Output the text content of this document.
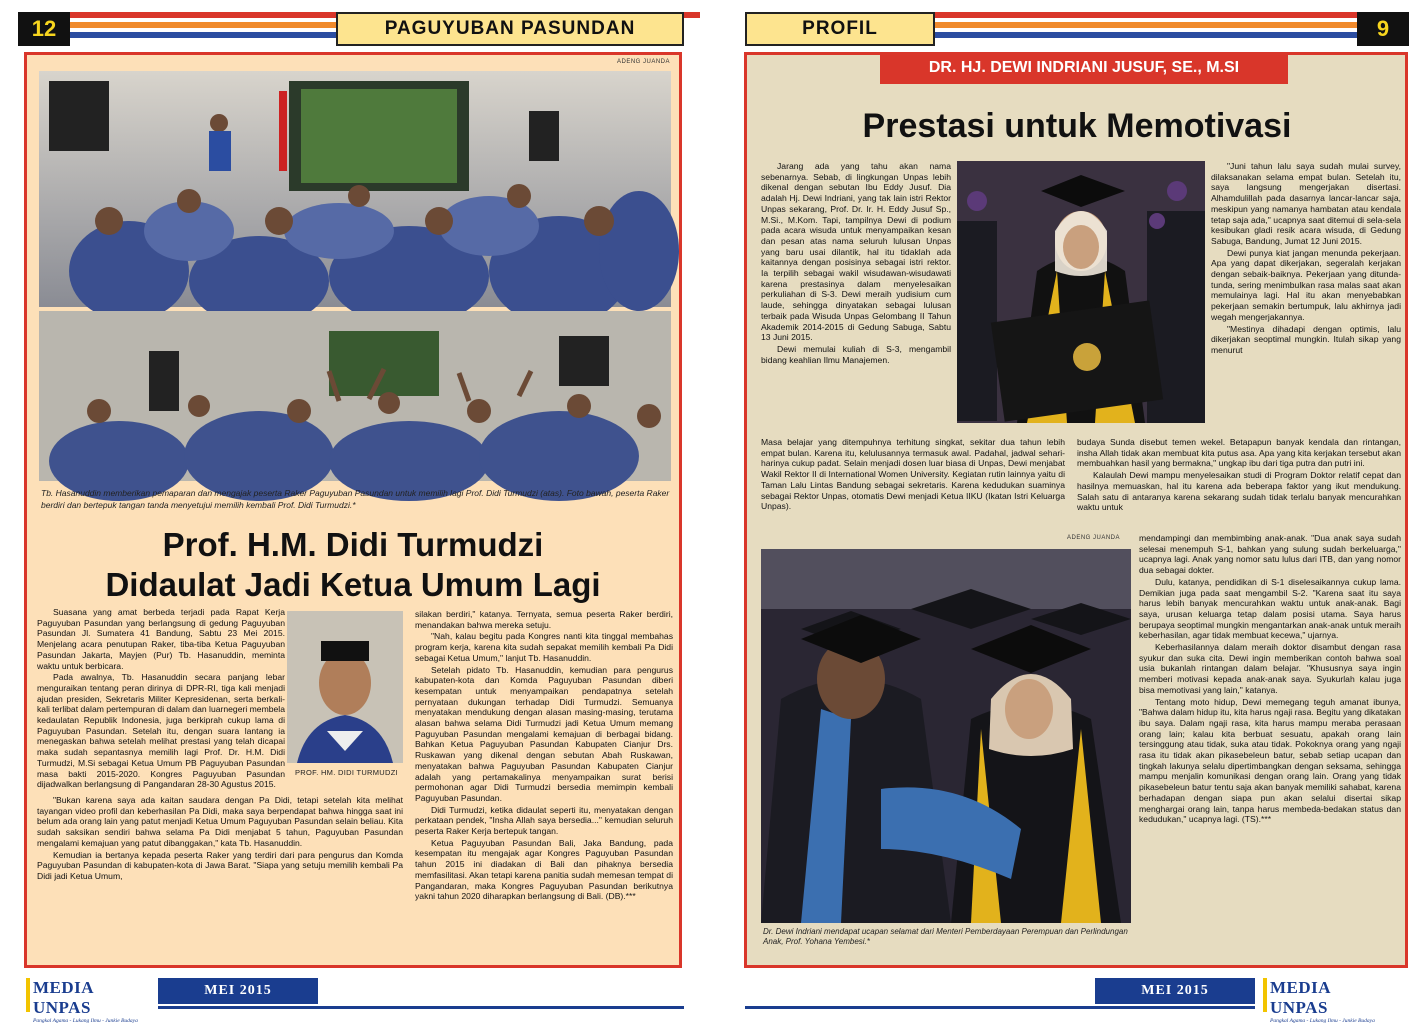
12	PAGUYUBAN PASUNDAN
ADENG JUANDA
Tb. Hasanuddin memberikan pemaparan dan mengajak peserta Raker Paguyuban Pasundan untuk memilih lagi Prof. Didi Turmudzi (atas). Foto bawah, peserta Raker berdiri dan bertepuk tangan tanda menyetujui memilih kembali Prof. Didi Turmudzi.*
Prof. H.M. Didi Turmudzi
Didaulat Jadi Ketua Umum Lagi

Suasana yang amat berbeda terjadi pada Rapat Kerja Paguyuban Pasundan yang berlangsung di gedung Paguyuban Pasundan Jl. Sumatera 41 Bandung, Sabtu 23 Mei 2015. Menjelang acara penutupan Raker, tiba-tiba Ketua Paguyuban Pasundan Jakarta, Mayjen (Pur) Tb. Hasanuddin, meminta waktu untuk berbicara.

Pada awalnya, Tb. Hasanuddin secara panjang lebar menguraikan tentang peran dirinya di DPR-RI, tiga kali menjadi ajudan presiden, Sekretaris Militer Kepresidenan, serta berkali-kali terlibat dalam pertempuran di dalam dan luarnegeri membela kedaulatan Republik Indonesia, juga berkiprah cukup lama di Paguyuban Pasundan. Setelah itu, dengan suara lantang ia menegaskan bahwa setelah melihat prestasi yang telah dicapai maka sudah sepantasnya memilih lagi Prof. Dr. H.M. Didi Turmudzi, M.Si sebagai Ketua Umum PB Paguyuban Pasundan masa bakti 2015-2020. Kongres Paguyuban Pasundan dijadwalkan berlangsung di Pangandaran 28-30 Agustus 2015.

PROF. HM. DIDI TURMUDZI

"Bukan karena saya ada kaitan saudara dengan Pa Didi, tetapi setelah kita melihat tayangan video profil dan keberhasilan Pa Didi, maka saya berpendapat bahwa hingga saat ini belum ada orang lain yang patut menjadi Ketua Umum Paguyuban Pasundan selain beliau. Kita sudah saksikan sendiri bahwa selama Pa Didi menjabat 5 tahun, Paguyuban Pasundan mengalami kemajuan yang patut dibanggakan," kata Tb. Hasanuddin.

Kemudian ia bertanya kepada peserta Raker yang terdiri dari para pengurus dan Komda Paguyuban Pasundan di kabupaten-kota di Jawa Barat. "Siapa yang setuju memilih kembali Pa Didi jadi Ketua Umum,

silakan berdiri," katanya. Ternyata, semua peserta Raker berdiri, menandakan bahwa mereka setuju.

"Nah, kalau begitu pada Kongres nanti kita tinggal membahas program kerja, karena kita sudah sepakat memilih kembali Pa Didi sebagai Ketua Umum," lanjut Tb. Hasanuddin.

Setelah pidato Tb. Hasanuddin, kemudian para pengurus kabupaten-kota dan Komda Paguyuban Pasundan diberi kesempatan untuk menyampaikan pendapatnya setelah pernyataan dukungan terhadap Didi Turmudzi. Semuanya menyatakan mendukung dengan alasan masing-masing, terutama alasan bahwa selama Didi Turmudzi jadi Ketua Umum memang Paguyuban Pasundan mengalami kemajuan di berbagai bidang. Bahkan Ketua Paguyuban Pasundan Kabupaten Cianjur Drs. Ruskawan yang dikenal dengan sebutan Abah Ruskawan, menyatakan bahwa Paguyuban Pasundan Kabupaten Cianjur adalah yang pertamakalinya menyampaikan surat berisi permohonan agar Didi Turmudzi bersedia memimpin kembali Paguyuban Pasundan.

Didi Turmudzi, ketika didaulat seperti itu, menyatakan dengan perkataan pendek, "Insha Allah saya bersedia..." kemudian seluruh peserta Raker Kerja bertepuk tangan.

Ketua Paguyuban Pasundan Bali, Jaka Bandung, pada kesempatan itu mengajak agar Kongres Paguyuban Pasundan tahun 2015 ini diadakan di Bali dan pihaknya bersedia memfasilitasi. Akan tetapi karena panitia sudah memesan tempat di Pangandaran, maka Kongres Paguyuban Pasundan berikutnya yakni tahun 2020 diharapkan berlangsung di Bali. (DB).***

MEDIA UNPAS
Pangkal Agama - Lukang Ilmu - Junkie Budaya
MEI 2015
PROFIL	9
Prestasi untuk Memotivasi

Jarang ada yang tahu akan nama sebenarnya. Sebab, di lingkungan Unpas lebih dikenal dengan sebutan Ibu Eddy Jusuf. Dia adalah Hj. Dewi Indriani, yang tak lain istri Rektor Unpas sekarang, Prof. Dr. Ir. H. Eddy Jusuf Sp., M.Si., M.Kom. Tapi, tampilnya Dewi di podium pada acara wisuda untuk menyampaikan kesan dan pesan atas nama seluruh lulusan Unpas yang baru usai dilantik, hal itu tidaklah ada kaitannya dengan posisinya sebagai istri rektor. Ia terpilih sebagai wakil wisudawan-wisudawati karena prestasinya dalam menyelesaikan perkuliahan di S-3. Dewi meraih yudisium cum laude, sehingga dinyatakan sebagai lulusan terbaik pada Wisuda Unpas Gelombang II Tahun Akademik 2014-2015 di Gedung Sabuga, Sabtu 13 Juni 2015.

Dewi memulai kuliah di S-3, mengambil bidang keahlian Ilmu Manajemen.

"Juni tahun lalu saya sudah mulai survey, dilaksanakan selama empat bulan. Setelah itu, saya langsung mengerjakan disertasi. Alhamdulillah pada dasarnya lancar-lancar saja, meskipun yang namanya hambatan atau kendala tetap saja ada," ucapnya saat ditemui di sela-sela kesibukan gladi resik acara wisuda, di Gedung Sabuga, Bandung, Jumat 12 Juni 2015.

Dewi punya kiat jangan menunda pekerjaan. Apa yang dapat dikerjakan, segeralah kerjakan dengan sebaik-baiknya. Pekerjaan yang ditunda-tunda, sering menimbulkan rasa malas saat akan memulainya lagi. Hal itu akan menyebabkan pekerjaan semakin bertumpuk, lalu akhirnya jadi wegah mengerjakannya.

"Mestinya dihadapi dengan optimis, lalu dikerjakan seoptimal mungkin. Itulah sikap yang menurut

Masa belajar yang ditempuhnya terhitung singkat, sekitar dua tahun lebih empat bulan. Karena itu, kelulusannya termasuk awal. Padahal, jadwal sehari-harinya cukup padat. Selain menjadi dosen luar biasa di Unpas, Dewi menjabat Wakil Rektor II di International Women University. Kegiatan rutin lainnya yaitu di Taman Lalu Lintas Bandung sebagai sekretaris. Karena kedudukan suaminya sebagai Rektor Unpas, otomatis Dewi menjadi Ketua IIKU (Ikatan Istri Keluarga Unpas).

budaya Sunda disebut temen wekel. Betapapun banyak kendala dan rintangan, insha Allah tidak akan membuat kita putus asa. Apa yang kita kerjakan tersebut akan membuahkan hasil yang bermakna," ungkap ibu dari tiga putra dan putri ini.

Kalaulah Dewi mampu menyelesaikan studi di Program Doktor relatif cepat dan hasilnya memuaskan, hal itu karena ada beberapa faktor yang ikut mendukung. Salah satu di antaranya karena sekarang sudah tidak terlalu banyak mencurahkan waktu untuk

ADENG JUANDA
Dr. Dewi Indriani mendapat ucapan selamat dari Menteri Pemberdayaan Perempuan dan Perlindungan Anak, Prof. Yohana Yembesi.*

mendampingi dan membimbing anak-anak. "Dua anak saya sudah selesai menempuh S-1, bahkan yang sulung sudah berkeluarga," ucapnya lagi. Anak yang nomor satu lulus dari ITB, dan yang nomor dua sebagai dokter.

Dulu, katanya, pendidikan di S-1 diselesaikannya cukup lama. Demikian juga pada saat mengambil S-2. "Karena saat itu saya harus lebih banyak mencurahkan waktu untuk anak-anak. Bagi saya, urusan keluarga tetap dalam posisi utama. Saya harus berupaya seoptimal mungkin mengantarkan anak-anak untuk meraih keberhasilan, agar tidak membuat kecewa," ujarnya.

Keberhasilannya dalam meraih doktor disambut dengan rasa syukur dan suka cita. Dewi ingin memberikan contoh bahwa soal usia bukanlah rintangan dalam belajar. "Khususnya saya ingin memberi motivasi kepada anak-anak saya. Syukurlah kalau juga bisa memotivasi yang lain," katanya.

Tentang moto hidup, Dewi memegang teguh amanat ibunya, "Bahwa dalam hidup itu, kita harus ngaji rasa. Begitu yang dikatakan ibu saya. Dalam ngaji rasa, kita harus mampu meraba perasaan orang lain; kalau kita berbuat sesuatu, apakah orang lain tersinggung atau tidak, suka atau tidak. Pokoknya orang yang ngaji rasa itu tidak akan pikasebeleun batur, sebab setiap ucapan dan tingkah lakunya selalu dipertimbangkan dengan seksama, sehingga mampu menjalin komunikasi dengan orang lain. Orang yang tidak pikasebeleun batur tentu saja akan banyak memiliki sahabat, karena berhadapan dengan siapa pun akan selalui disertai sikap menghargai orang lain, tanpa harus membeda-bedakan status dan kedudukan," ucapnya lagi. (TS).***

MEI 2015	MEDIA UNPAS
Pangkal Agama - Lukang Ilmu - Junkie Budaya
DR. HJ. DEWI INDRIANI JUSUF, SE., M.SI
